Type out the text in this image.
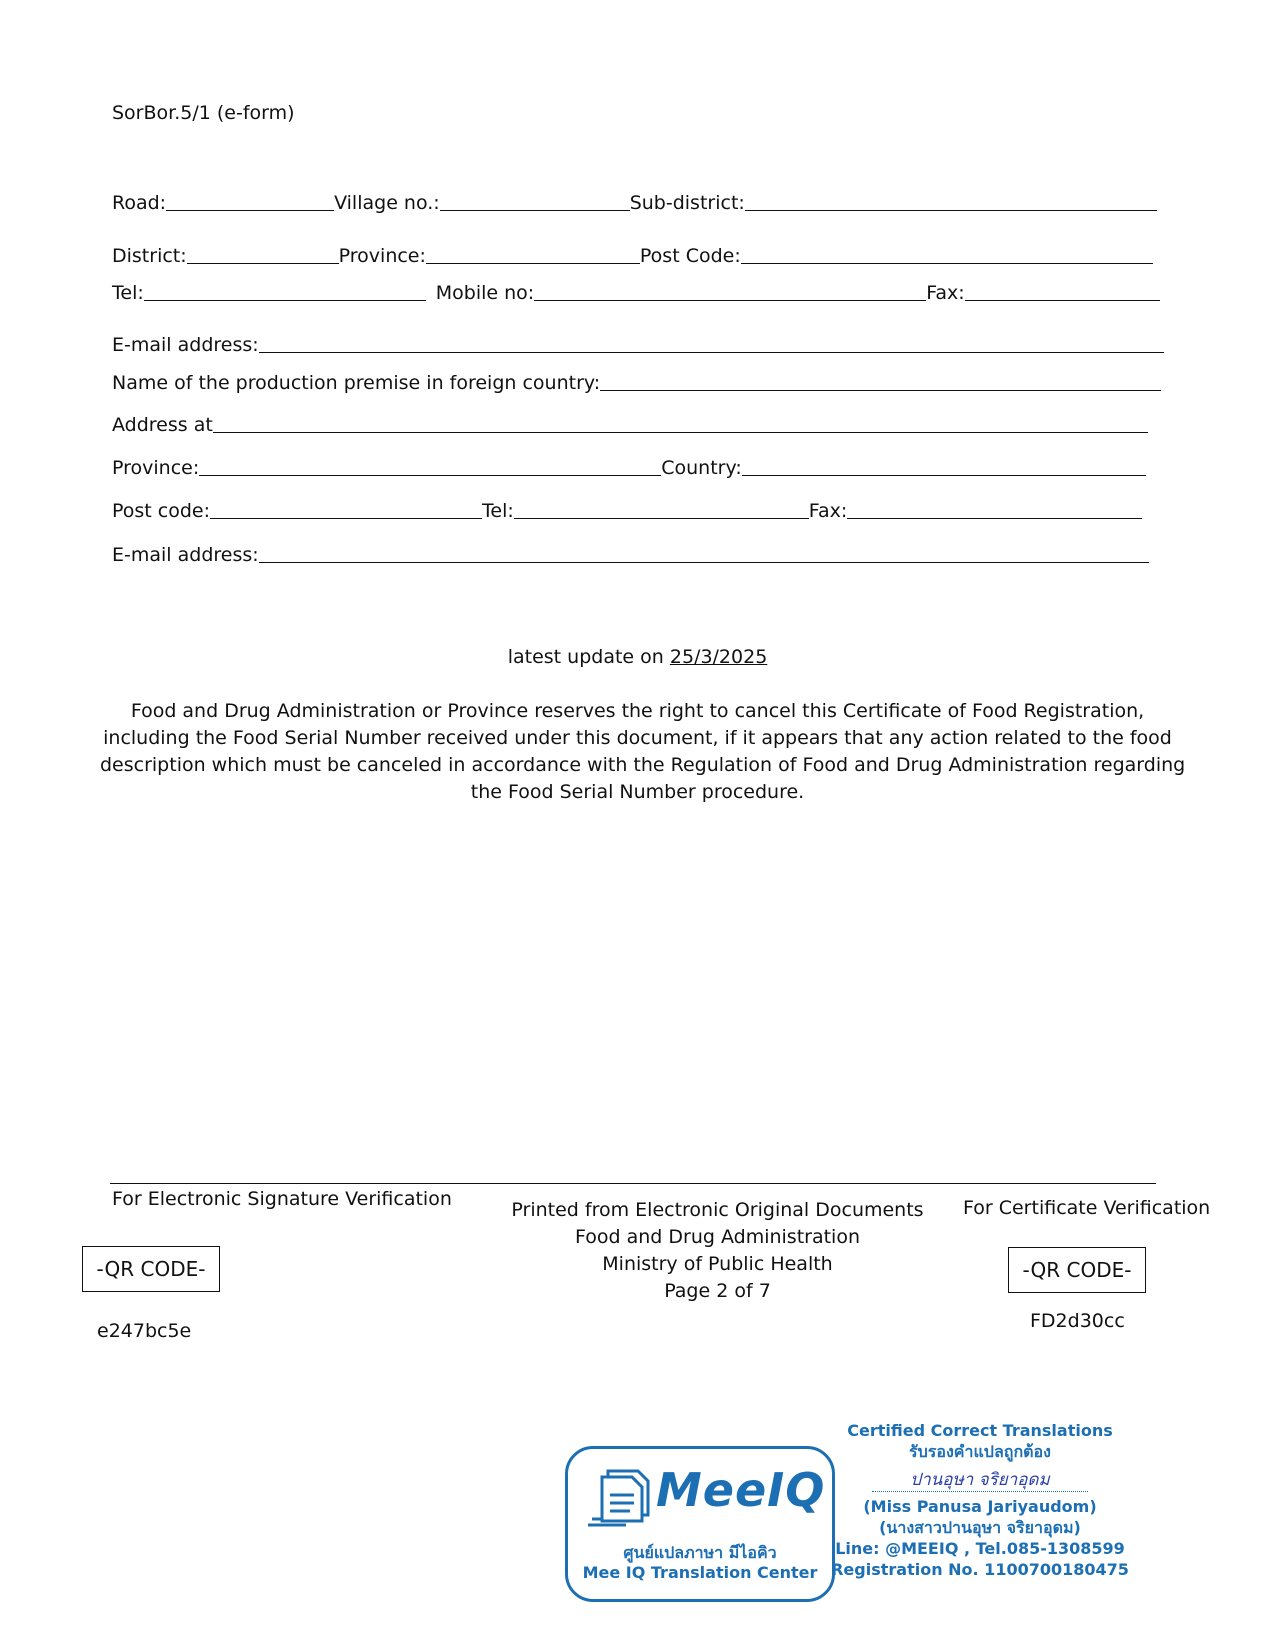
SorBor.5/1 (e-form)
Road:	Village no.:	Sub-district:
District:	Province:	Post Code:
Tel:	Mobile no:	Fax:
E-mail address:
Name of the production premise in foreign country:
Address at
Province:	Country:
Post code:	Tel:	Fax:
E-mail address:
latest update on 25/3/2025
Food and Drug Administration or Province reserves the right to cancel this Certificate of Food Registration,
including the Food Serial Number received under this document, if it appears that any action related to the food
description which must be canceled in accordance with the Regulation of Food and Drug Administration regarding
the Food Serial Number procedure.
For Electronic Signature Verification
-QR CODE-
e247bc5e
Printed from Electronic Original Documents
Food and Drug Administration
Ministry of Public Health
Page 2 of 7
For Certificate Verification
-QR CODE-
FD2d30cc
MeeIQ
ศูนย์แปลภาษา มีไอคิว
Mee IQ Translation Center
Certified Correct Translations
รับรองคำแปลถูกต้อง
ปานอุษา จริยาอุดม
(Miss Panusa Jariyaudom)
(นางสาวปานอุษา จริยาอุดม)
Line: @MEEIQ , Tel.085-1308599
Registration No. 1100700180475
